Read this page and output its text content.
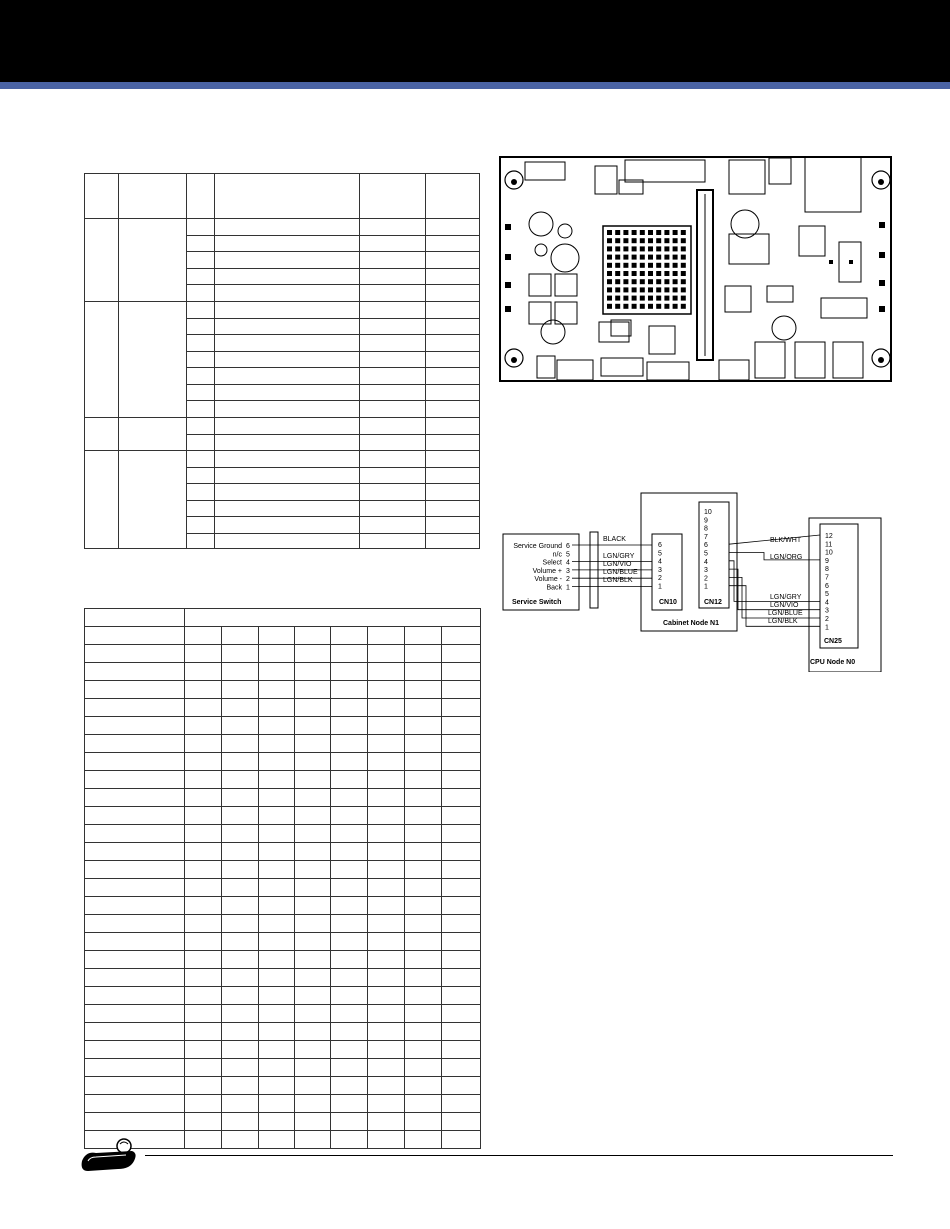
Service Ground 6
n/c 5
Select 4
Volume + 3
Volume - 2
Back 1
Service Switch
6
5
4
3
2
1
10
9
8
7
6
5
4
3
2
1
CN10	CN12
Cabinet Node N1
12
11
10
9
8
7
6
5
4
3
2
1
CN25
CPU Node N0
BLACK
LGN/GRY
LGN/VIO
LGN/BLUE
LGN/BLK
BLK/WHT
LGN/ORG
LGN/GRY
LGN/VIO
LGN/BLUE
LGN/BLK
